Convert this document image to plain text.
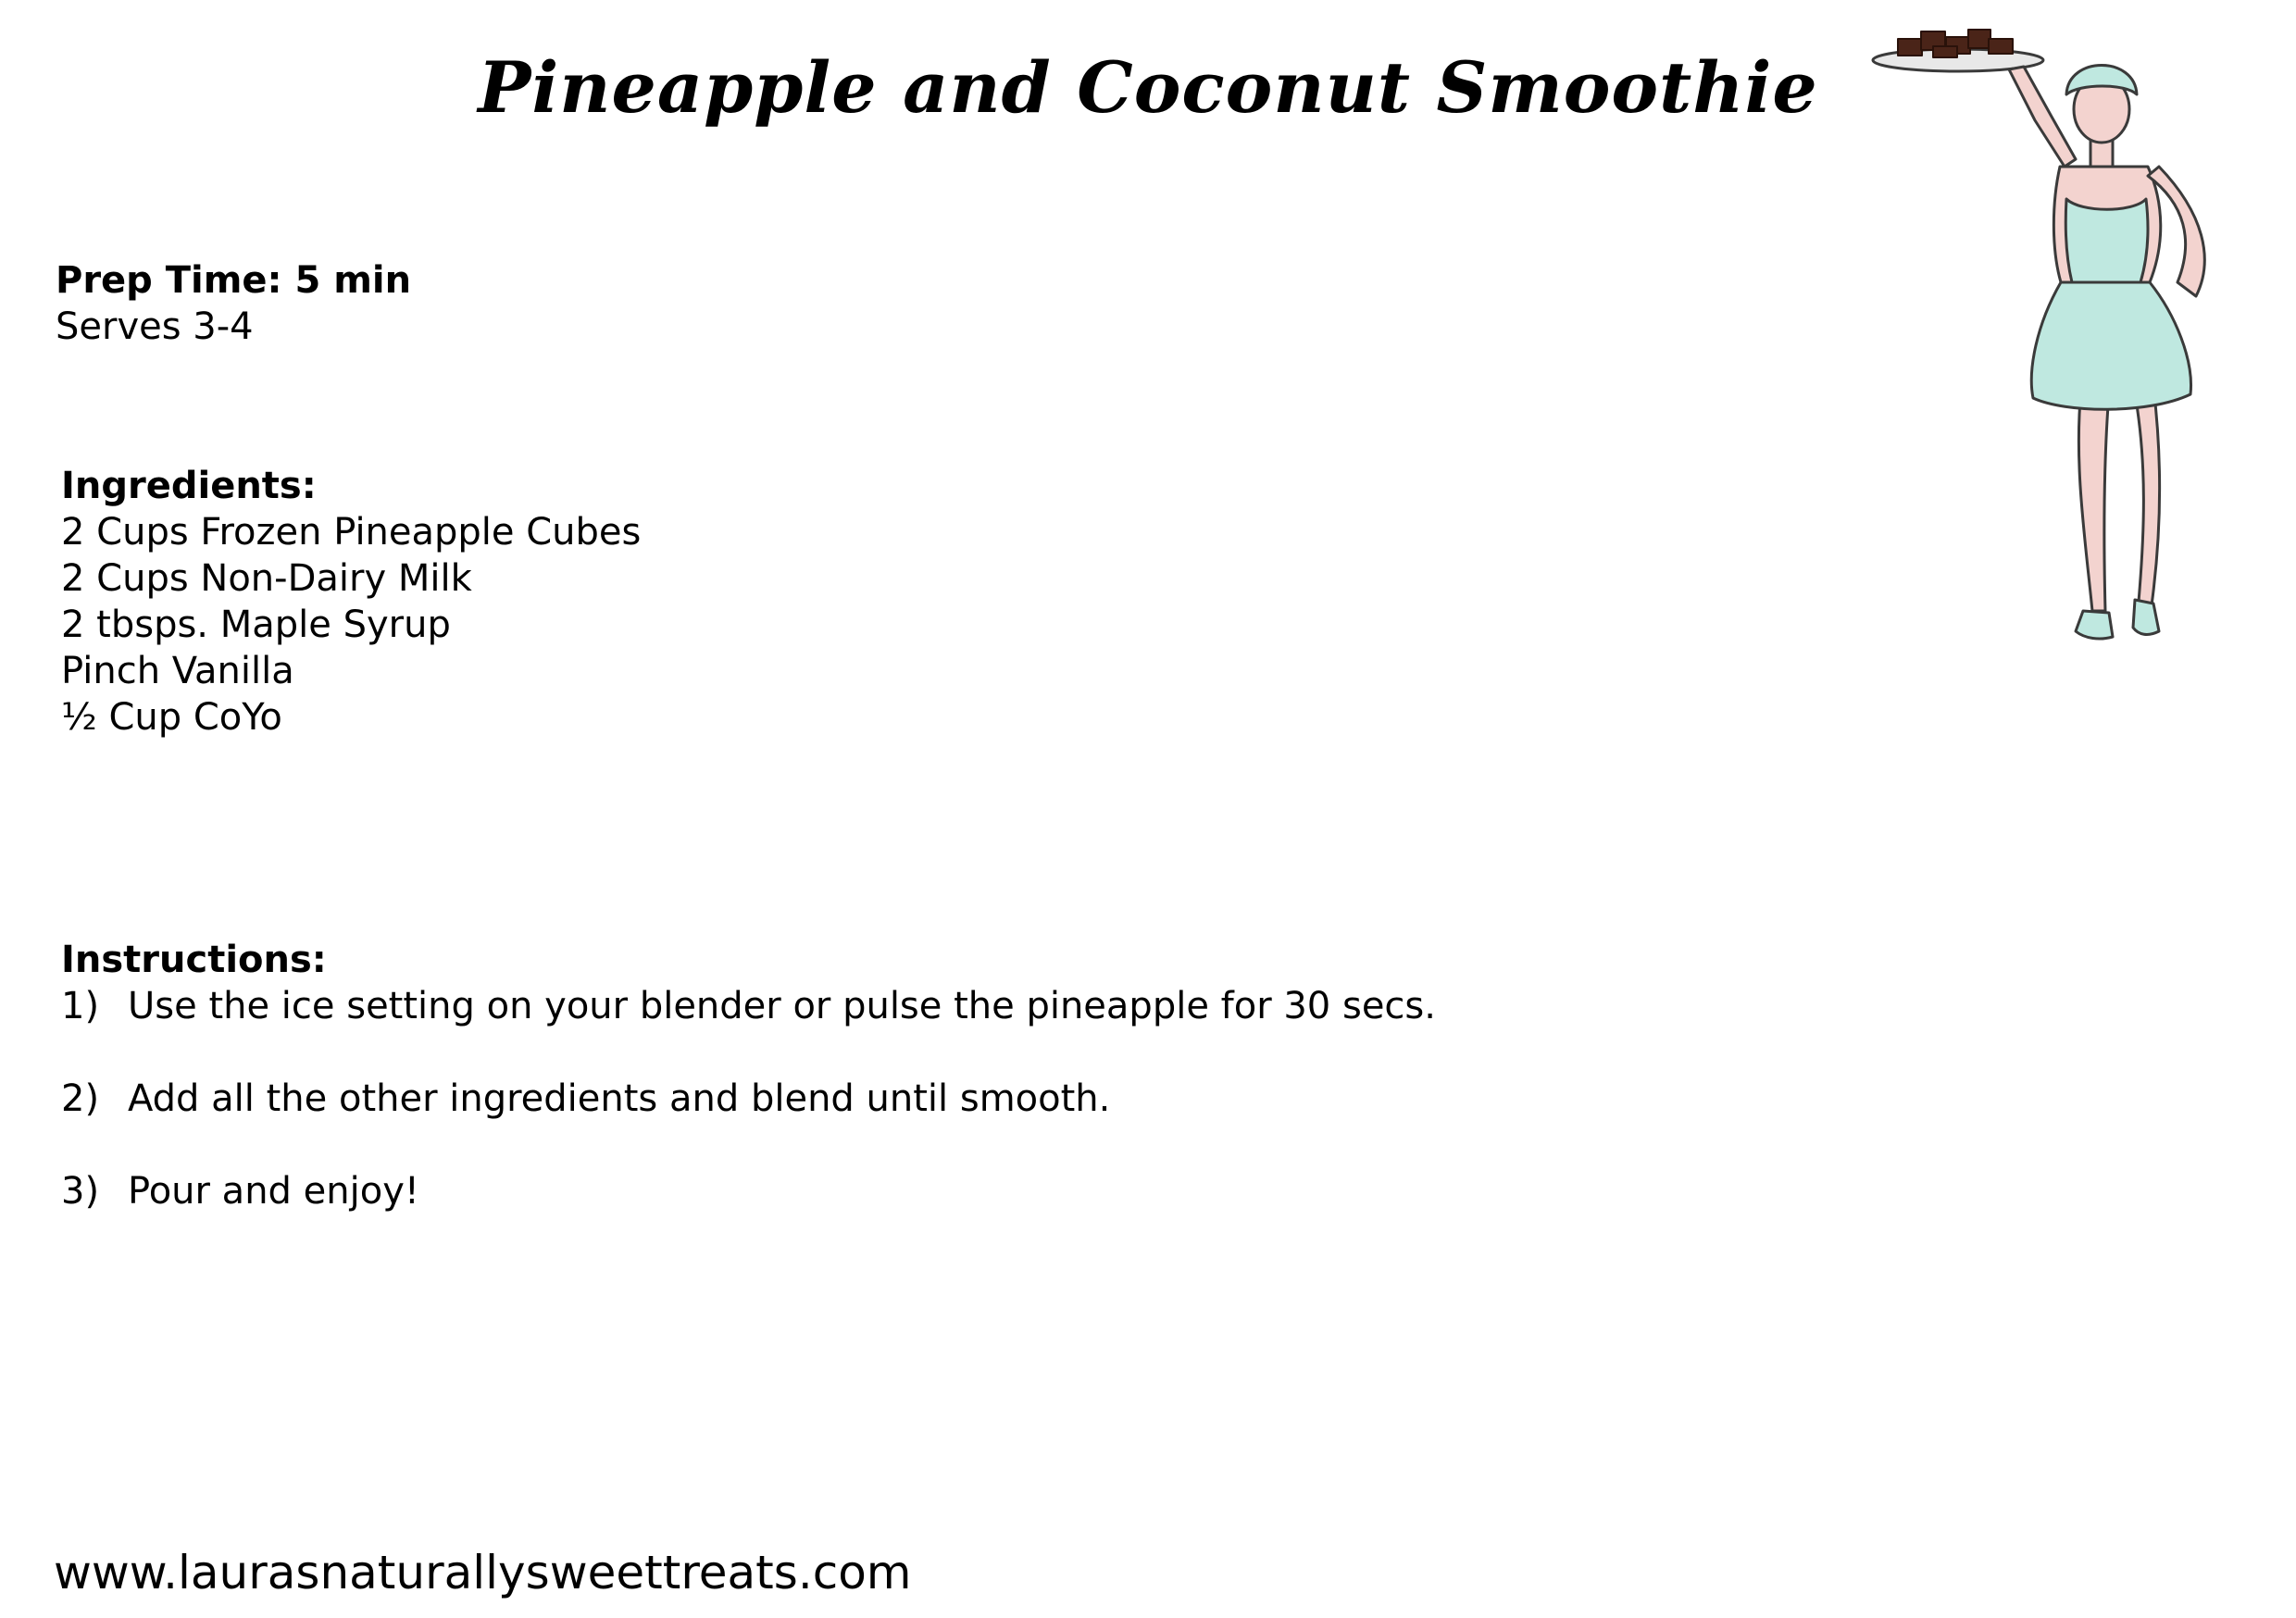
Pineapple and Coconut Smoothie
Prep Time: 5 min
Serves 3-4
Ingredients:
2 Cups Frozen Pineapple Cubes
2 Cups Non-Dairy Milk
2 tbsps. Maple Syrup
Pinch Vanilla
½ Cup CoYo
Instructions:
1) Use the ice setting on your blender or pulse the pineapple for 30 secs.
2) Add all the other ingredients and blend until smooth.
3) Pour and enjoy!
www.laurasnaturallysweettreats.com
